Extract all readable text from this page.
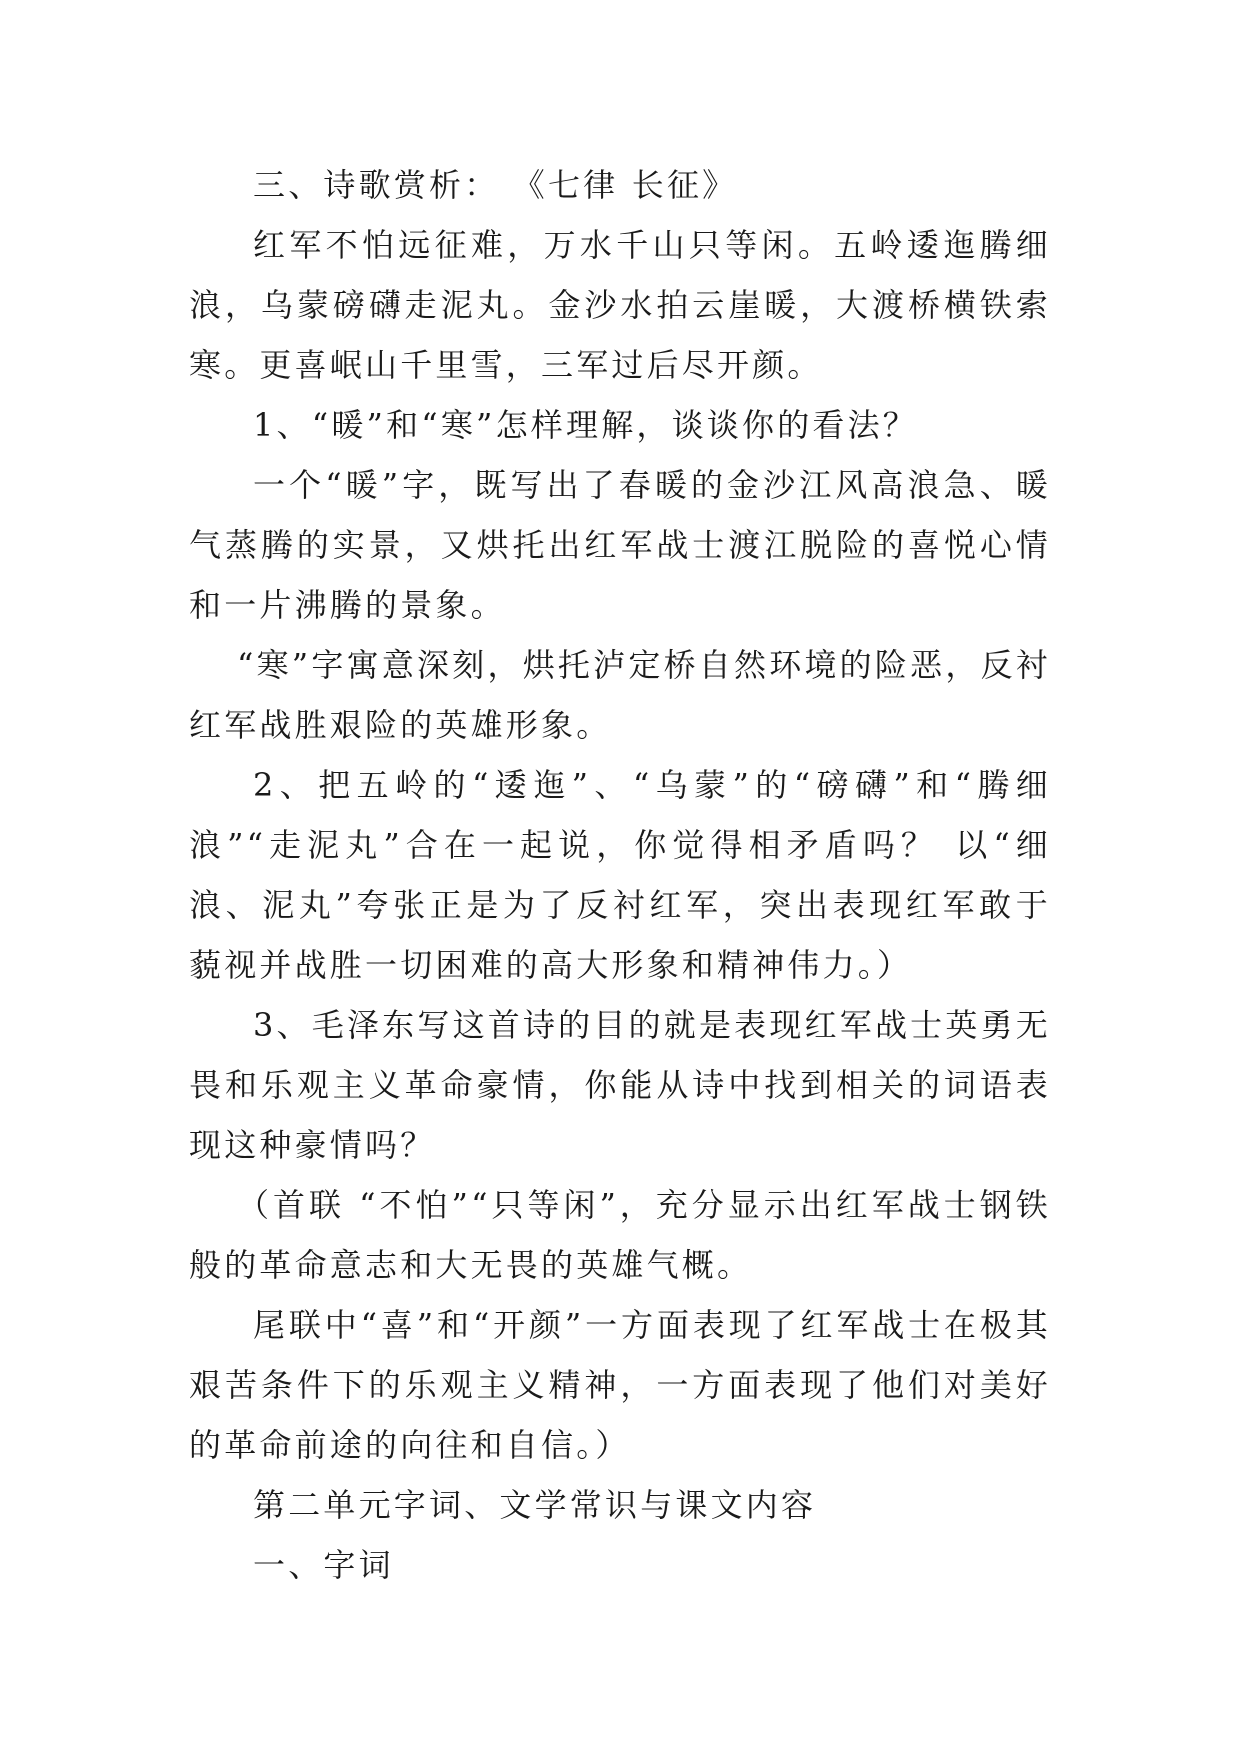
三、诗歌赏析： 《七律 长征》

红军不怕远征难，万水千山只等闲。五岭逶迤腾细浪，乌蒙磅礴走泥丸。金沙水拍云崖暖，大渡桥横铁索寒。更喜岷山千里雪，三军过后尽开颜。

1、“暖”和“寒”怎样理解，谈谈你的看法？

一个“暖”字，既写出了春暖的金沙江风高浪急、暖气蒸腾的实景，又烘托出红军战士渡江脱险的喜悦心情和一片沸腾的景象。

“寒”字寓意深刻，烘托泸定桥自然环境的险恶，反衬红军战胜艰险的英雄形象。

2、把五岭的“逶迤”、“乌蒙”的“磅礴”和“腾细浪”“走泥丸”合在一起说，你觉得相矛盾吗？ 以“细浪、泥丸”夸张正是为了反衬红军，突出表现红军敢于藐视并战胜一切困难的高大形象和精神伟力。）

3、毛泽东写这首诗的目的就是表现红军战士英勇无畏和乐观主义革命豪情，你能从诗中找到相关的词语表现这种豪情吗？

（首联 “不怕”“只等闲”，充分显示出红军战士钢铁般的革命意志和大无畏的英雄气概。

尾联中“喜”和“开颜”一方面表现了红军战士在极其艰苦条件下的乐观主义精神，一方面表现了他们对美好的革命前途的向往和自信。）

第二单元字词、文学常识与课文内容

一、字词
